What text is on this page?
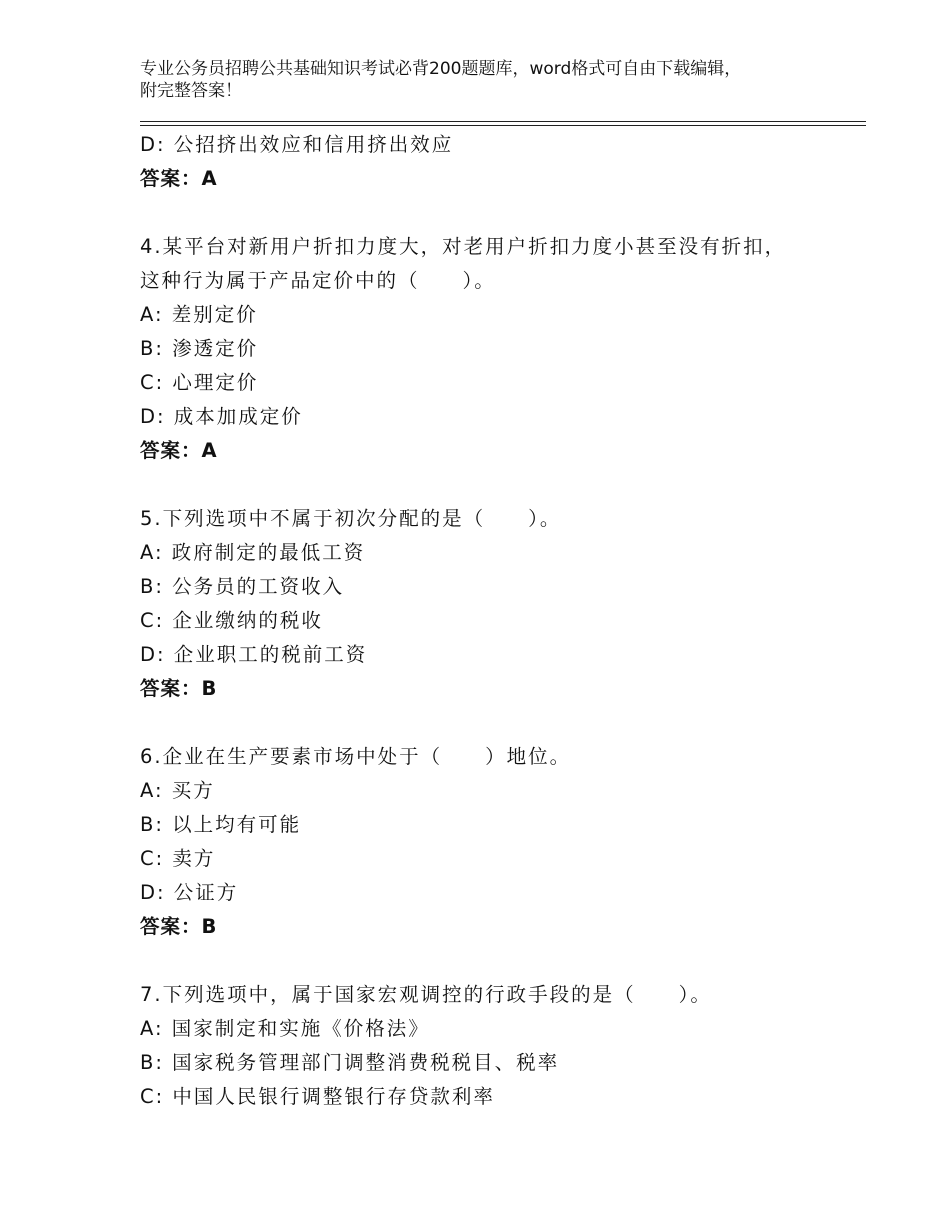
专业公务员招聘公共基础知识考试必背200题题库，word格式可自由下载编辑，
附完整答案！
D: 公招挤出效应和信用挤出效应
答案：A
4.某平台对新用户折扣力度大，对老用户折扣力度小甚至没有折扣，
这种行为属于产品定价中的（　　）。
A: 差别定价
B: 渗透定价
C: 心理定价
D: 成本加成定价
答案：A
5.下列选项中不属于初次分配的是（　　）。
A: 政府制定的最低工资
B: 公务员的工资收入
C: 企业缴纳的税收
D: 企业职工的税前工资
答案：B
6.企业在生产要素市场中处于（　　）地位。
A: 买方
B: 以上均有可能
C: 卖方
D: 公证方
答案：B
7.下列选项中，属于国家宏观调控的行政手段的是（　　）。
A: 国家制定和实施《价格法》
B: 国家税务管理部门调整消费税税目、税率
C: 中国人民银行调整银行存贷款利率
